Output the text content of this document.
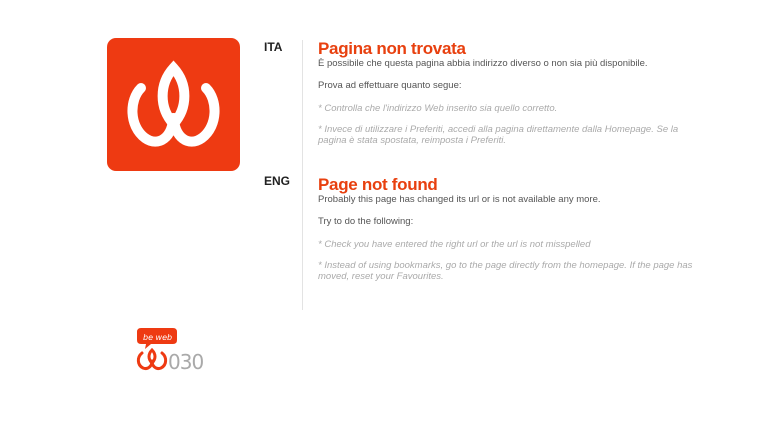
ITA Pagina non trovata
È possibile che questa pagina abbia indirizzo diverso o non sia più disponibile.
Prova ad effettuare quanto segue:
* Controlla che l'indirizzo Web inserito sia quello corretto.
* Invece di utilizzare i Preferiti, accedi alla pagina direttamente dalla Homepage. Se la pagina è stata spostata, reimposta i Preferiti.
ENG Page not found
Probably this page has changed its url or is not available any more.
Try to do the following:
* Check you have entered the right url or the url is not misspelled
* Instead of using bookmarks, go to the page directly from the homepage. If the page has moved, reset your Favourites.
be web
030
